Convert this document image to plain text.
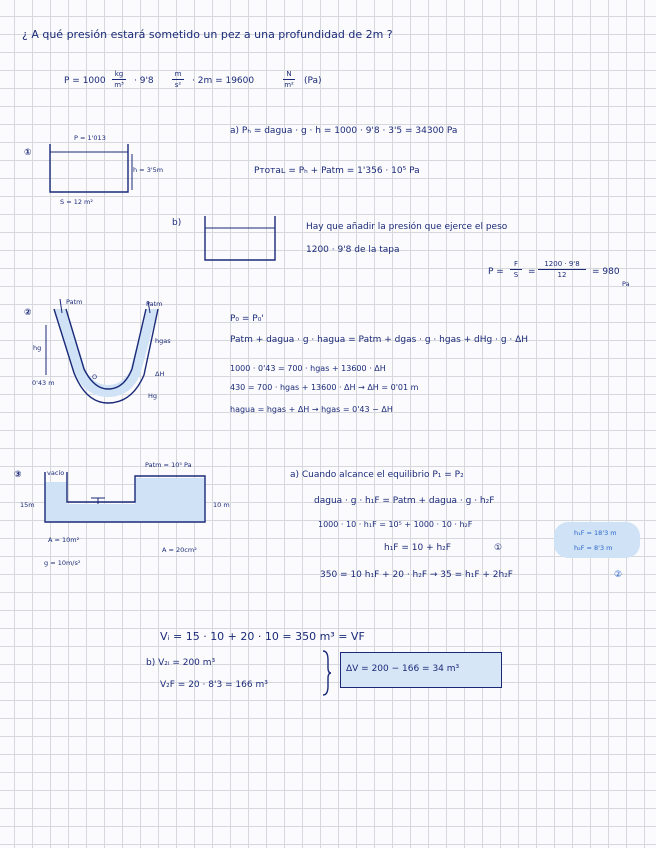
¿ A qué presión estará sometido un pez a una profundidad de 2m ?
P = 1000
kg
m³ · 9'8
m
s²	· 2m = 19600
N
m² (Pa)
①
P = 1'013
h = 3'5m
S = 12 m²
a) Pₕ = dagua · g · h = 1000 · 9'8 · 3'5 = 34300 Pa
Pтотаʟ = Pₕ + Patm = 1'356 · 10⁵ Pa
b)	Hay que añadir la presión que ejerce el peso
1200 · 9'8 de la tapa
P =
F
S	=
1200 · 9'8
12	= 980
Pa
②
Patm	Patm
hg
hgas
ΔH
Hg
0'43 m
O
P₀ = P₀'
Patm + dagua · g · hagua = Patm + dgas · g · hgas + dHg · g · ΔH
1000 · 0'43 = 700 · hgas + 13600 · ΔH
430 = 700 · hgas + 13600 · ΔH → ΔH = 0'01 m
hagua = hgas + ΔH → hgas = 0'43 − ΔH
③	vacío
Patm = 10⁵ Pa
15m	10 m
A = 10m²
A = 20cm²
g = 10m/s²
a) Cuando alcance el equilibrio P₁ = P₂
dagua · g · h₁F = Patm + dagua · g · h₂F
1000 · 10 · h₁F = 10⁵ + 1000 · 10 · h₂F
h₁F = 10 + h₂F	①
h₁F = 18'3 m
h₂F = 8'3 m
350 = 10 h₁F + 20 · h₂F → 35 = h₁F + 2h₂F	②
Vᵢ = 15 · 10 + 20 · 10 = 350 m³ = VF
b) V₂ᵢ = 200 m³
V₂F = 20 · 8'3 = 166 m³
ΔV = 200 − 166 = 34 m³
